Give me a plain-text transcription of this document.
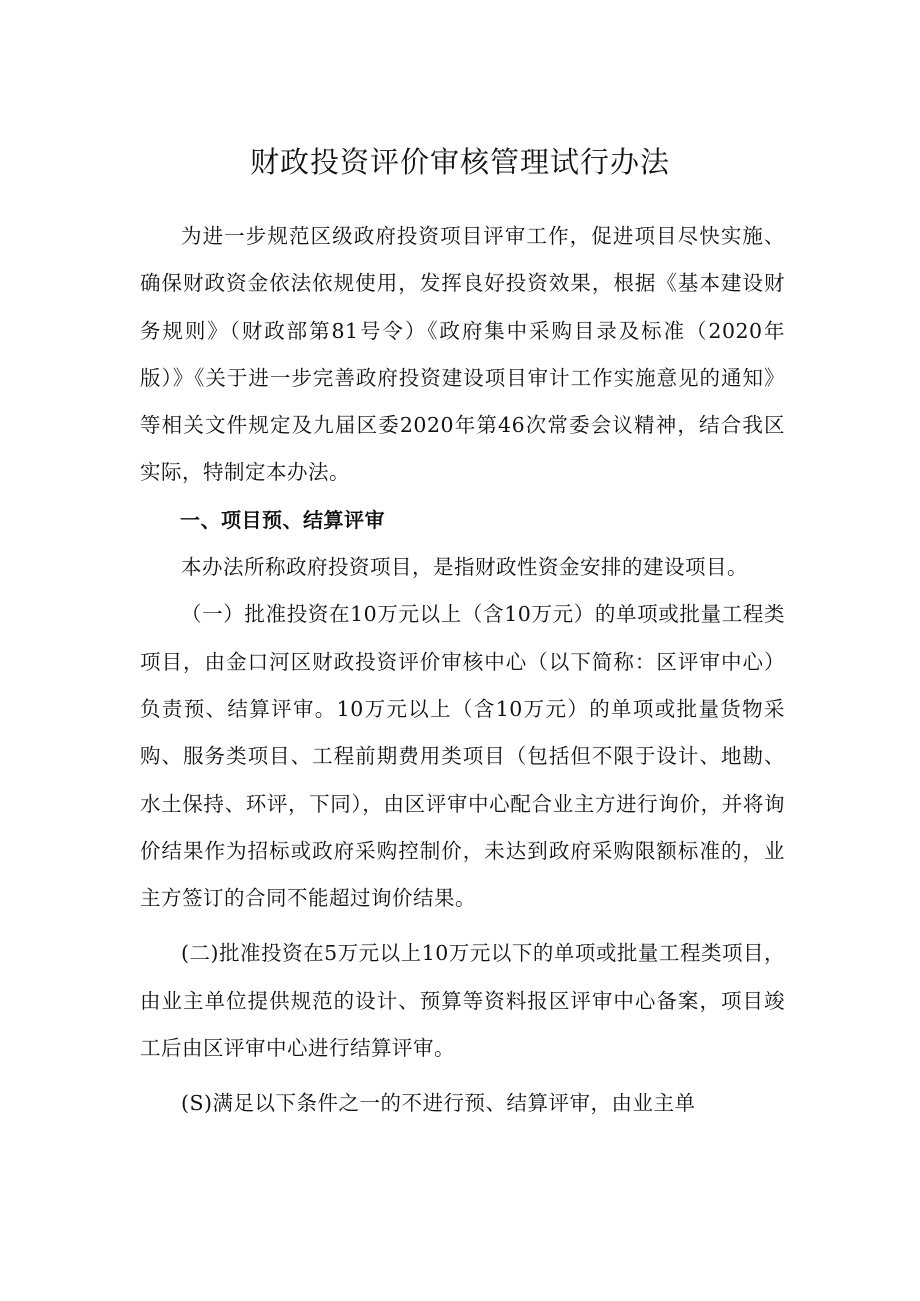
财政投资评价审核管理试行办法

为进一步规范区级政府投资项目评审工作，促进项目尽快实施、确保财政资金依法依规使用，发挥良好投资效果，根据《基本建设财务规则》（财政部第81号令）《政府集中采购目录及标准（2020年版）》《关于进一步完善政府投资建设项目审计工作实施意见的通知》等相关文件规定及九届区委2020年第46次常委会议精神，结合我区实际，特制定本办法。

一、项目预、结算评审

本办法所称政府投资项目，是指财政性资金安排的建设项目。

（一）批准投资在10万元以上（含10万元）的单项或批量工程类项目，由金口河区财政投资评价审核中心（以下简称：区评审中心）负责预、结算评审。10万元以上（含10万元）的单项或批量货物采购、服务类项目、工程前期费用类项目（包括但不限于设计、地勘、水土保持、环评，下同），由区评审中心配合业主方进行询价，并将询价结果作为招标或政府采购控制价，未达到政府采购限额标准的，业主方签订的合同不能超过询价结果。

(二)批准投资在5万元以上10万元以下的单项或批量工程类项目，由业主单位提供规范的设计、预算等资料报区评审中心备案，项目竣工后由区评审中心进行结算评审。

(S)满足以下条件之一的不进行预、结算评审，由业主单
